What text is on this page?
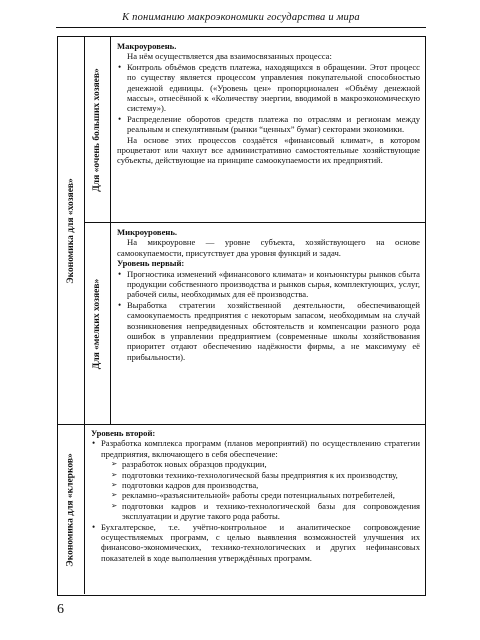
К пониманию макроэкономики государства и мира
Экономика для «хозяев»
Экономика для «клерков»
Для «очень больших хозяев»
Для «мелких хозяев»

Макроуровень.

На нём осуществляется два взаимосвязанных процесса:

• Контроль объёмов средств платежа, находящихся в обращении. Этот процесс по существу является процессом управления покупательной способностью денежной единицы. («Уровень цен» пропорционален «Объёму денежной массы», отнесённой к «Количеству энергии, вводимой в макроэкономическую систему»).
• Распределение оборотов средств платежа по отраслям и регионам между реальным и спекулятивным (рынки “ценных” бумаг) секторами экономики.

На основе этих процессов создаётся «финансовый климат», в котором процветают или чахнут все административно самостоятельные хозяйствующие субъекты, действующие на принципе самоокупаемости их предприятий.

Микроуровень.

На микроуровне — уровне субъекта, хозяйствующего на основе самоокупаемости, присутствует два уровня функций и задач.

Уровень первый:

• Прогностика изменений «финансового климата» и конъюнктуры рынков сбыта продукции собственного производства и рынков сырья, комплектующих, услуг, рабочей силы, необходимых для её производства.
• Выработка стратегии хозяйственной деятельности, обеспечивающей самоокупаемость предприятия с некоторым запасом, необходимым на случай возникновения непредвиденных обстоятельств и компенсации разного рода ошибок в управлении предприятием (современные школы хозяйствования приоритет отдают обеспечению надёжности фирмы, а не максимуму её прибыльности).

Уровень второй:

• Разработка комплекса программ (планов мероприятий) по осуществлению стратегии предприятия, включающего в себя обеспечение:
➢ разработок новых образцов продукции,
➢ подготовки технико-технологической базы предприятия к их производству,
➢ подготовки кадров для производства,
➢ рекламно-«разъяснительной» работы среди потенциальных потребителей,
➢ подготовки кадров и технико-технологической базы для сопровождения эксплуатации и другие такого рода работы.
• Бухгалтерское, т.е. учётно-контрольное и аналитическое сопровождение осуществляемых программ, с целью выявления возможностей улучшения их финансово-экономических, технико-технологических и других нефинансовых показателей в ходе выполнения утверждённых программ.
6
